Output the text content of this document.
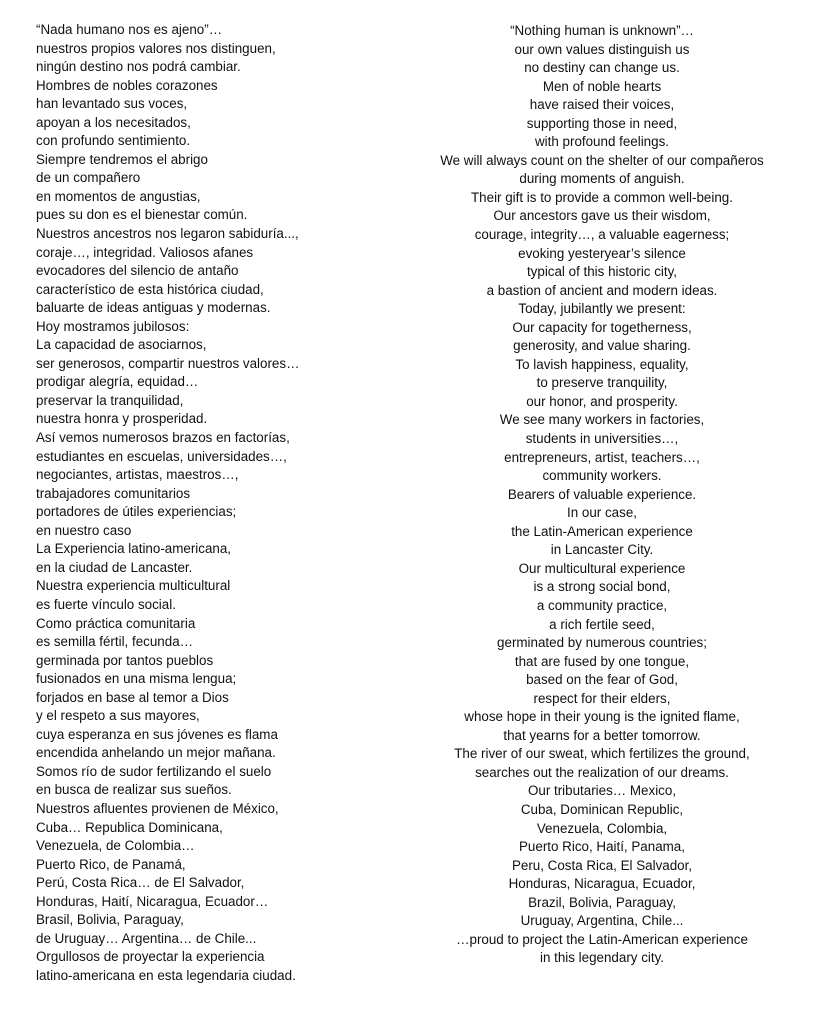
“Nada humano nos es ajeno”…
nuestros propios valores nos distinguen,
ningún destino nos podrá cambiar.
Hombres de nobles corazones
han levantado sus voces,
apoyan a los necesitados,
con profundo sentimiento.
Siempre tendremos el abrigo
de un compañero
en momentos de angustias,
pues su don es el bienestar común.
Nuestros ancestros nos legaron sabiduría...,
coraje…, integridad. Valiosos afanes
evocadores del silencio de antaño
característico de esta histórica ciudad,
baluarte de ideas antiguas y modernas.
Hoy mostramos jubilosos:
La capacidad de asociarnos,
ser generosos, compartir nuestros valores…
prodigar alegría, equidad…
preservar la tranquilidad,
nuestra honra y prosperidad.
Así vemos numerosos brazos en factorías,
estudiantes en escuelas, universidades…,
negociantes, artistas, maestros…,
trabajadores comunitarios
portadores de útiles experiencias;
en nuestro caso
La Experiencia latino-americana,
en la ciudad de Lancaster.
Nuestra experiencia multicultural
es fuerte vínculo social.
Como práctica comunitaria
es semilla fértil, fecunda…
germinada por tantos pueblos
fusionados en una misma lengua;
forjados en base al temor a Dios
y el respeto a sus mayores,
cuya esperanza en sus jóvenes es flama
encendida anhelando un mejor mañana.
Somos río de sudor fertilizando el suelo
en busca de realizar sus sueños.
Nuestros afluentes provienen de México,
Cuba… Republica Dominicana,
Venezuela, de Colombia…
Puerto Rico, de Panamá,
Perú, Costa Rica… de El Salvador,
Honduras, Haití, Nicaragua, Ecuador…
Brasil, Bolivia, Paraguay,
de Uruguay… Argentina… de Chile...
Orgullosos de proyectar la experiencia
latino-americana en esta legendaria ciudad.
“Nothing human is unknown”…
our own values distinguish us
no destiny can change us.
Men of noble hearts
have raised their voices,
supporting those in need,
with profound feelings.
We will always count on the shelter of our compañeros
during moments of anguish.
Their gift is to provide a common well-being.
Our ancestors gave us their wisdom,
courage, integrity…, a valuable eagerness;
evoking yesteryear’s silence
typical of this historic city,
a bastion of ancient and modern ideas.
Today, jubilantly we present:
Our capacity for togetherness,
generosity, and value sharing.
To lavish happiness, equality,
to preserve tranquility,
our honor, and prosperity.
We see many workers in factories,
students in universities…,
entrepreneurs, artist, teachers…,
community workers.
Bearers of valuable experience.
In our case,
the Latin-American experience
in Lancaster City.
Our multicultural experience
is a strong social bond,
a community practice,
a rich fertile seed,
germinated by numerous countries;
that are fused by one tongue,
based on the fear of God,
respect for their elders,
whose hope in their young is the ignited flame,
that yearns for a better tomorrow.
The river of our sweat, which fertilizes the ground,
searches out the realization of our dreams.
Our tributaries… Mexico,
Cuba, Dominican Republic,
Venezuela, Colombia,
Puerto Rico, Haití, Panama,
Peru, Costa Rica, El Salvador,
Honduras, Nicaragua, Ecuador,
Brazil, Bolivia, Paraguay,
Uruguay, Argentina, Chile...
…proud to project the Latin-American experience
in this legendary city.
